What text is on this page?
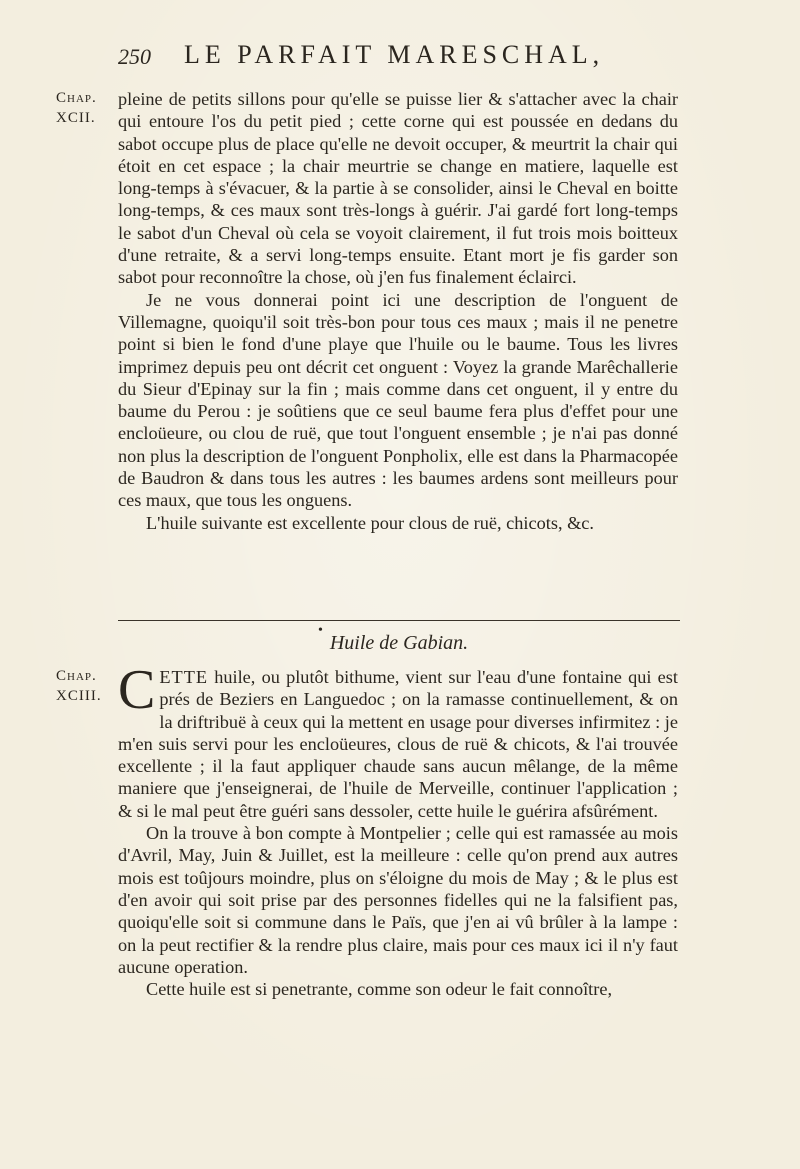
250 LE PARFAIT MARESCHAL,
Chap.
XCII.

pleine de petits sillons pour qu'elle se puisse lier & s'attacher avec la chair qui entoure l'os du petit pied ; cette corne qui est poussée en dedans du sabot occupe plus de place qu'elle ne devoit occuper, & meurtrit la chair qui étoit en cet espace ; la chair meurtrie se change en matiere, laquelle est long-temps à s'évacuer, & la partie à se consolider, ainsi le Cheval en boitte long-temps, & ces maux sont très-longs à guérir. J'ai gardé fort long-temps le sabot d'un Cheval où cela se voyoit clairement, il fut trois mois boitteux d'une retraite, & a servi long-temps ensuite. Etant mort je fis garder son sabot pour reconnoître la chose, où j'en fus finalement éclairci.

Je ne vous donnerai point ici une description de l'onguent de Villemagne, quoiqu'il soit très-bon pour tous ces maux ; mais il ne penetre point si bien le fond d'une playe que l'huile ou le baume. Tous les livres imprimez depuis peu ont décrit cet onguent : Voyez la grande Marêchallerie du Sieur d'Epinay sur la fin ; mais comme dans cet onguent, il y entre du baume du Perou : je soûtiens que ce seul baume fera plus d'effet pour une encloüeure, ou clou de ruë, que tout l'onguent ensemble ; je n'ai pas donné non plus la description de l'onguent Ponpholix, elle est dans la Pharmacopée de Baudron & dans tous les autres : les baumes ardens sont meilleurs pour ces maux, que tous les onguens.

L'huile suivante est excellente pour clous de ruë, chicots, &c.

•
Huile de Gabian.
Chap.
XCIII. CETTE huile, ou plutôt bithume, vient sur l'eau d'une fontaine qui est prés de Beziers en Languedoc ; on la ramasse continuellement, & on la driftribuë à ceux qui la mettent en usage pour diverses infirmitez : je m'en suis servi pour les encloüeures, clous de ruë & chicots, & l'ai trouvée excellente ; il la faut appliquer chaude sans aucun mêlange, de la même maniere que j'enseignerai, de l'huile de Merveille, continuer l'application ; & si le mal peut être guéri sans dessoler, cette huile le guérira afsûrément.

On la trouve à bon compte à Montpelier ; celle qui est ramassée au mois d'Avril, May, Juin & Juillet, est la meilleure : celle qu'on prend aux autres mois est toûjours moindre, plus on s'éloigne du mois de May ; & le plus est d'en avoir qui soit prise par des personnes fidelles qui ne la falsifient pas, quoiqu'elle soit si commune dans le Païs, que j'en ai vû brûler à la lampe : on la peut rectifier & la rendre plus claire, mais pour ces maux ici il n'y faut aucune operation.

Cette huile est si penetrante, comme son odeur le fait connoître,
